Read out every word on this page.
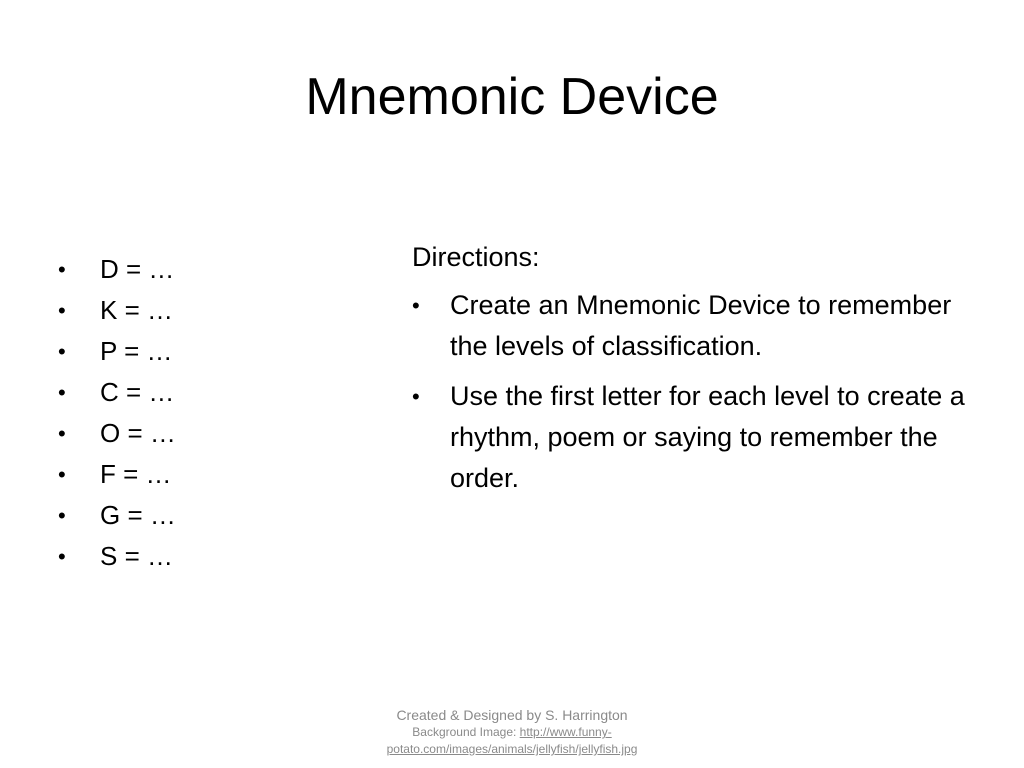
Mnemonic Device
• D = …
• K = …
• P = …
• C = …
• O = …
• F = …
• G = …
• S = …

Directions:

• Create an Mnemonic Device to remember the levels of classification.
• Use the first letter for each level to create a rhythm, poem or saying to remember the order.
Created & Designed by S. Harrington
Background Image: http://www.funny-potato.com/images/animals/jellyfish/jellyfish.jpg
